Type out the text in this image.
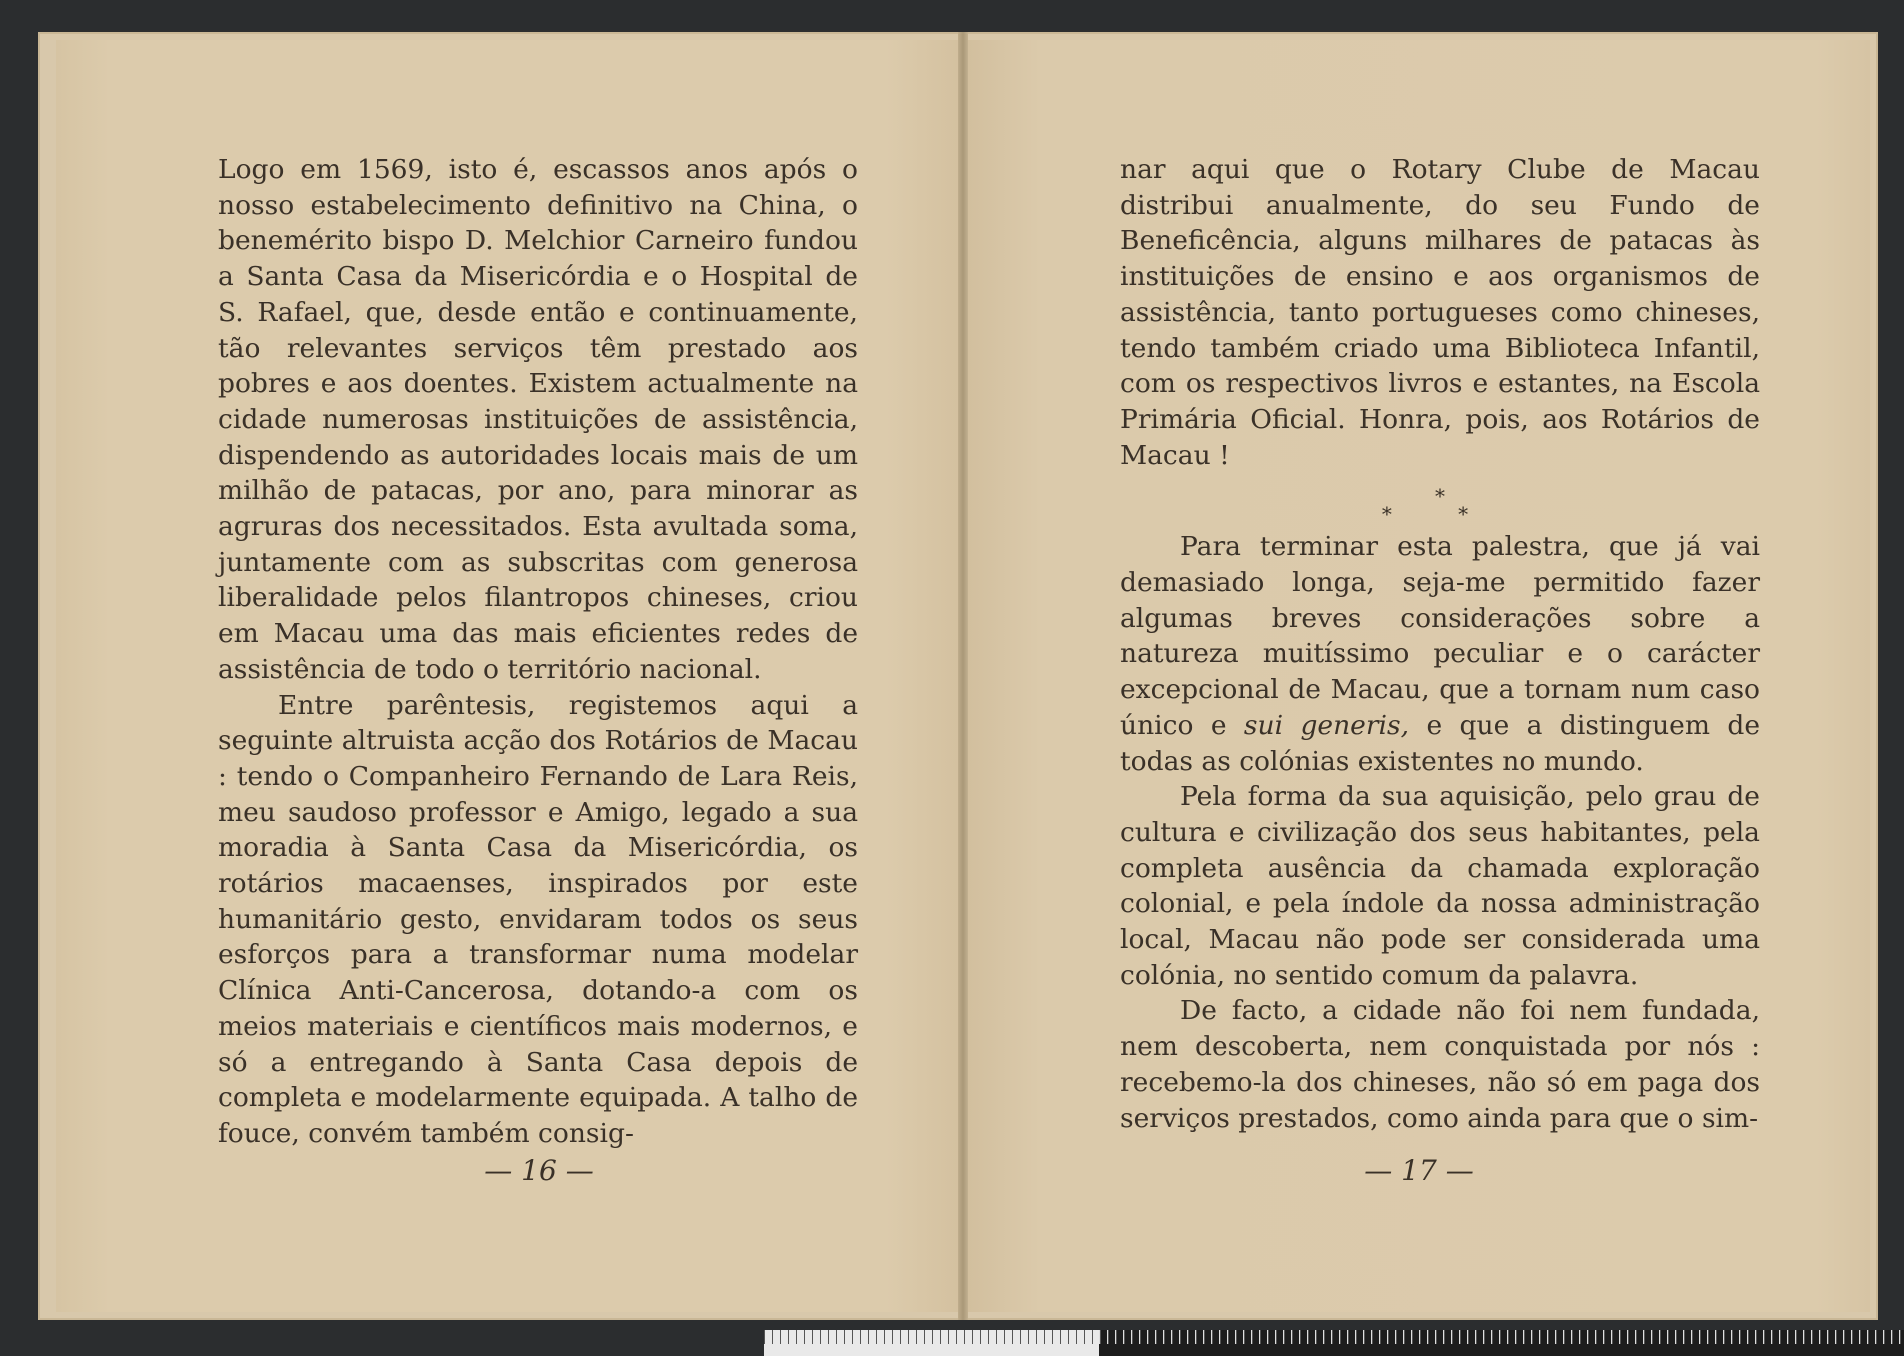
Logo em 1569, isto é, escassos anos após o nosso estabelecimento definitivo na China, o benemérito bispo D. Melchior Carneiro fundou a Santa Casa da Misericórdia e o Hospital de S. Rafael, que, desde então e continuamente, tão relevantes serviços têm prestado aos pobres e aos doentes. Existem actualmente na cidade numerosas instituições de assistência, dispendendo as autoridades locais mais de um milhão de patacas, por ano, para minorar as agruras dos necessitados. Esta avultada soma, juntamente com as subscritas com generosa liberalidade pelos filantropos chineses, criou em Macau uma das mais eficientes redes de assistência de todo o território nacional.

Entre parêntesis, registemos aqui a seguinte altruista acção dos Rotários de Macau : tendo o Companheiro Fernando de Lara Reis, meu saudoso professor e Amigo, legado a sua moradia à Santa Casa da Misericórdia, os rotários macaenses, inspirados por este humanitário gesto, envidaram todos os seus esforços para a transformar numa modelar Clínica Anti-Cancerosa, dotando-a com os meios materiais e científicos mais modernos, e só a entregando à Santa Casa depois de completa e modelarmente equipada. A talho de fouce, convém também consig-

— 16 —

nar aqui que o Rotary Clube de Macau distribui anualmente, do seu Fundo de Beneficência, alguns milhares de patacas às instituições de ensino e aos organismos de assistência, tanto portugueses como chineses, tendo também criado uma Biblioteca Infantil, com os respectivos livros e estantes, na Escola Primária Oficial. Honra, pois, aos Rotários de Macau !

*
* *

Para terminar esta palestra, que já vai demasiado longa, seja-me permitido fazer algumas breves considerações sobre a natureza muitíssimo peculiar e o carácter excepcional de Macau, que a tornam num caso único e sui generis, e que a distinguem de todas as colónias existentes no mundo.

Pela forma da sua aquisição, pelo grau de cultura e civilização dos seus habitantes, pela completa ausência da chamada exploração colonial, e pela índole da nossa administração local, Macau não pode ser considerada uma colónia, no sentido comum da palavra.

De facto, a cidade não foi nem fundada, nem descoberta, nem conquistada por nós : recebemo-la dos chineses, não só em paga dos serviços prestados, como ainda para que o sim-

— 17 —
